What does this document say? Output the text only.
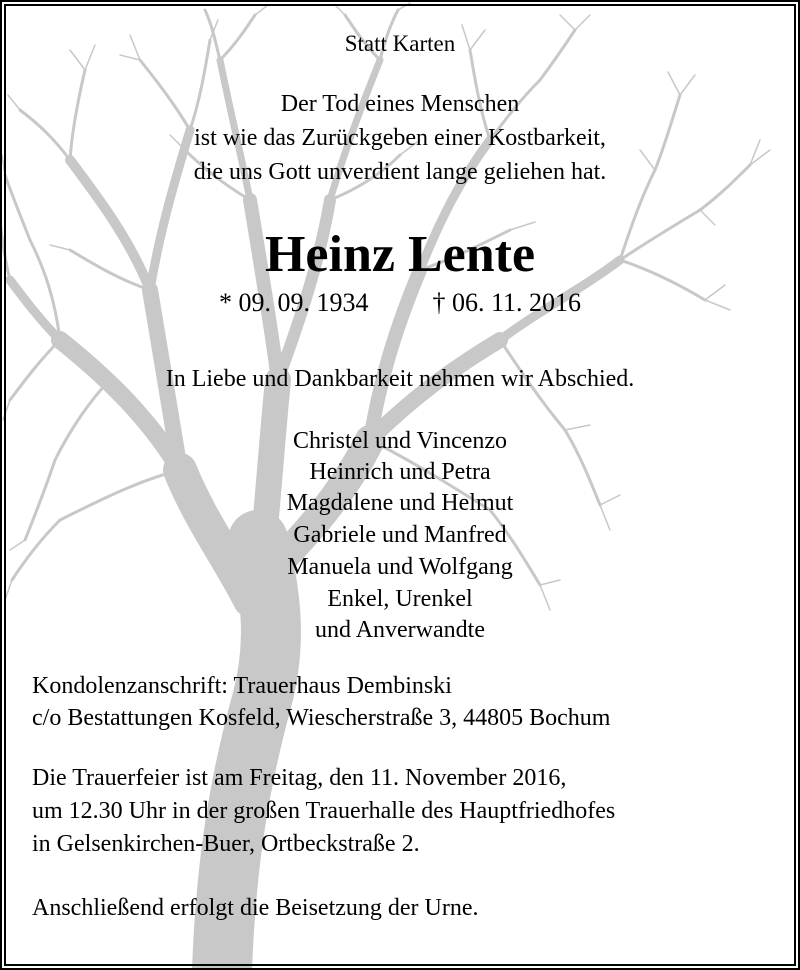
Statt Karten
Der Tod eines Menschen
ist wie das Zurückgeben einer Kostbarkeit,
die uns Gott unverdient lange geliehen hat.
Heinz Lente
* 09. 09. 1934 † 06. 11. 2016
In Liebe und Dankbarkeit nehmen wir Abschied.
Christel und Vincenzo
Heinrich und Petra
Magdalene und Helmut
Gabriele und Manfred
Manuela und Wolfgang
Enkel, Urenkel
und Anverwandte
Kondolenzanschrift: Trauerhaus Dembinski
c/o Bestattungen Kosfeld, Wiescherstraße 3, 44805 Bochum
Die Trauerfeier ist am Freitag, den 11. November 2016,
um 12.30 Uhr in der großen Trauerhalle des Hauptfriedhofes
in Gelsenkirchen-Buer, Ortbeckstraße 2.
Anschließend erfolgt die Beisetzung der Urne.
